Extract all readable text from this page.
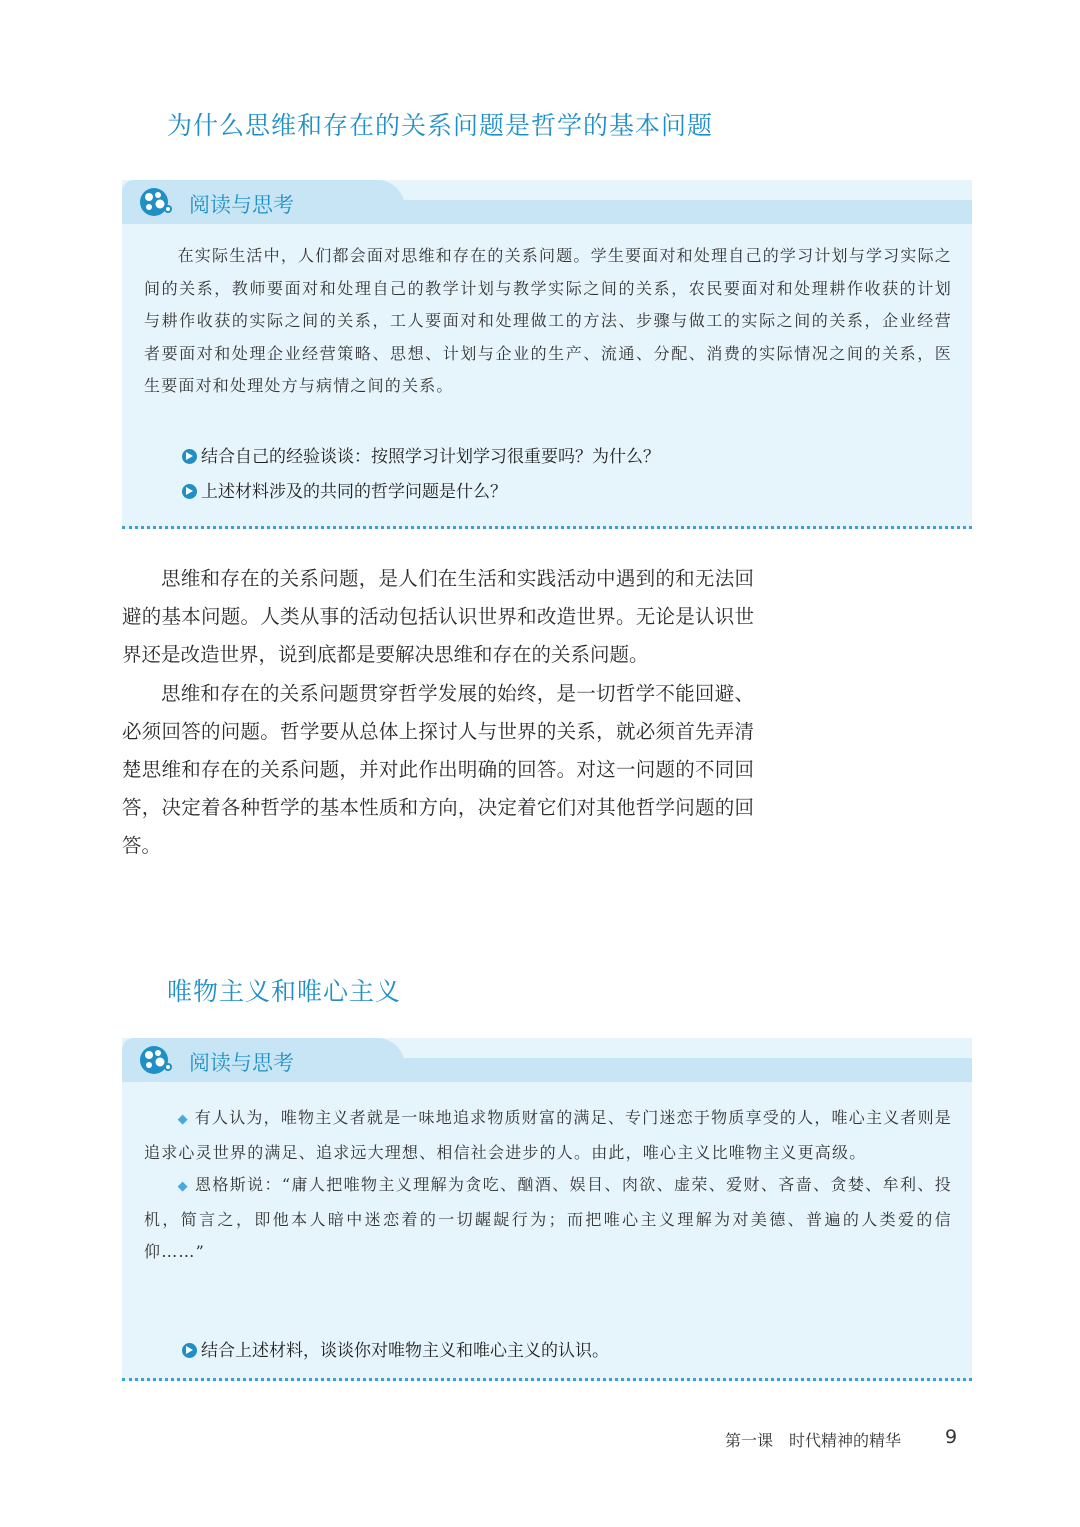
为什么思维和存在的关系问题是哲学的基本问题
阅读与思考

在实际生活中，人们都会面对思维和存在的关系问题。学生要面对和处理自己的学习计划与学习实际之间的关系，教师要面对和处理自己的教学计划与教学实际之间的关系，农民要面对和处理耕作收获的计划与耕作收获的实际之间的关系，工人要面对和处理做工的方法、步骤与做工的实际之间的关系，企业经营者要面对和处理企业经营策略、思想、计划与企业的生产、流通、分配、消费的实际情况之间的关系，医生要面对和处理处方与病情之间的关系。

结合自己的经验谈谈：按照学习计划学习很重要吗？为什么？
上述材料涉及的共同的哲学问题是什么？

思维和存在的关系问题，是人们在生活和实践活动中遇到的和无法回避的基本问题。人类从事的活动包括认识世界和改造世界。无论是认识世界还是改造世界，说到底都是要解决思维和存在的关系问题。

思维和存在的关系问题贯穿哲学发展的始终，是一切哲学不能回避、必须回答的问题。哲学要从总体上探讨人与世界的关系，就必须首先弄清楚思维和存在的关系问题，并对此作出明确的回答。对这一问题的不同回答，决定着各种哲学的基本性质和方向，决定着它们对其他哲学问题的回答。

唯物主义和唯心主义
阅读与思考

◆ 有人认为，唯物主义者就是一味地追求物质财富的满足、专门迷恋于物质享受的人，唯心主义者则是追求心灵世界的满足、追求远大理想、相信社会进步的人。由此，唯心主义比唯物主义更高级。

◆ 恩格斯说：“庸人把唯物主义理解为贪吃、酗酒、娱目、肉欲、虚荣、爱财、吝啬、贪婪、牟利、投机，简言之，即他本人暗中迷恋着的一切龌龊行为；而把唯心主义理解为对美德、普遍的人类爱的信仰……”

结合上述材料，谈谈你对唯物主义和唯心主义的认识。
第一课　时代精神的精华 9
